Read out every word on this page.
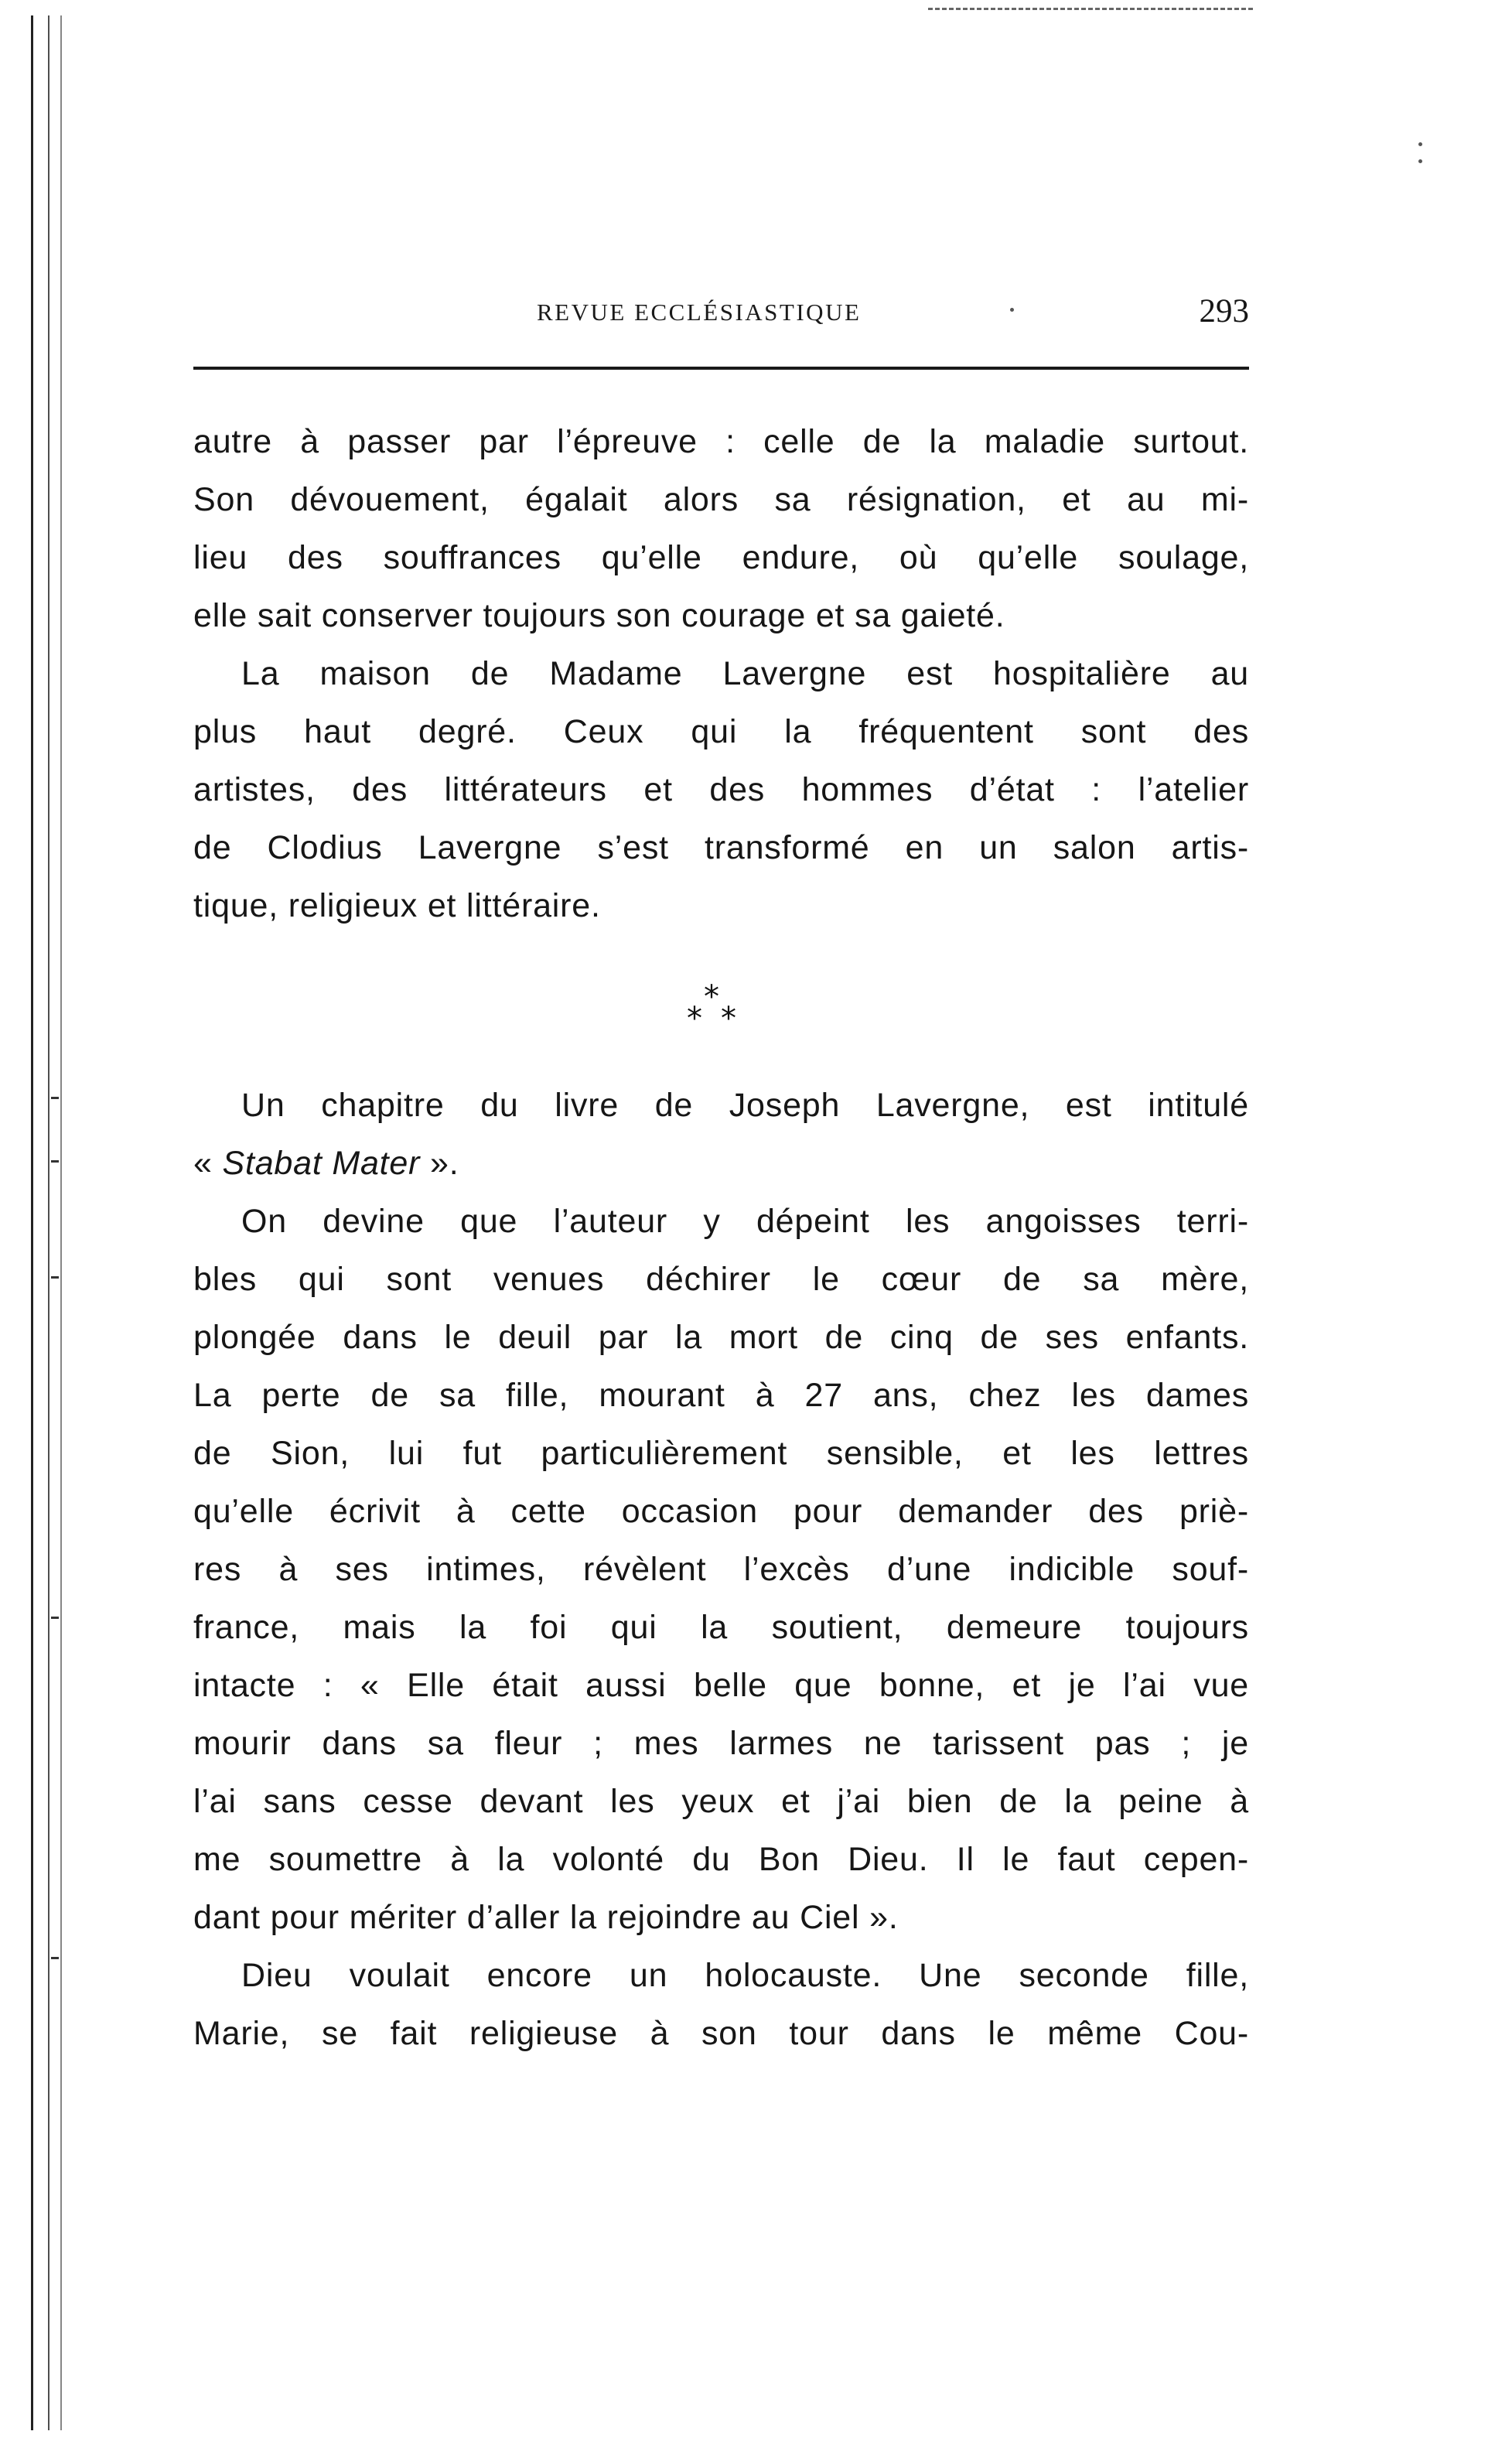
REVUE ECCLÉSIASTIQUE	293
autre à passer par l’épreuve : celle de la maladie surtout.
Son dévouement, égalait alors sa résignation, et au mi-
lieu des souffrances qu’elle endure, où qu’elle soulage,
elle sait conserver toujours son courage et sa gaieté.
La maison de Madame Lavergne est hospitalière au
plus haut degré. Ceux qui la fréquentent sont des
artistes, des littérateurs et des hommes d’état : l’atelier
de Clodius Lavergne s’est transformé en un salon artis-
tique, religieux et littéraire.
*
* *
Un chapitre du livre de Joseph Lavergne, est intitulé
« Stabat Mater ».
On devine que l’auteur y dépeint les angoisses terri-
bles qui sont venues déchirer le cœur de sa mère,
plongée dans le deuil par la mort de cinq de ses enfants.
La perte de sa fille, mourant à 27 ans, chez les dames
de Sion, lui fut particulièrement sensible, et les lettres
qu’elle écrivit à cette occasion pour demander des priè-
res à ses intimes, révèlent l’excès d’une indicible souf-
france, mais la foi qui la soutient, demeure toujours
intacte : « Elle était aussi belle que bonne, et je l’ai vue
mourir dans sa fleur ; mes larmes ne tarissent pas ; je
l’ai sans cesse devant les yeux et j’ai bien de la peine à
me soumettre à la volonté du Bon Dieu. Il le faut cepen-
dant pour mériter d’aller la rejoindre au Ciel ».
Dieu voulait encore un holocauste. Une seconde fille,
Marie, se fait religieuse à son tour dans le même Cou-
